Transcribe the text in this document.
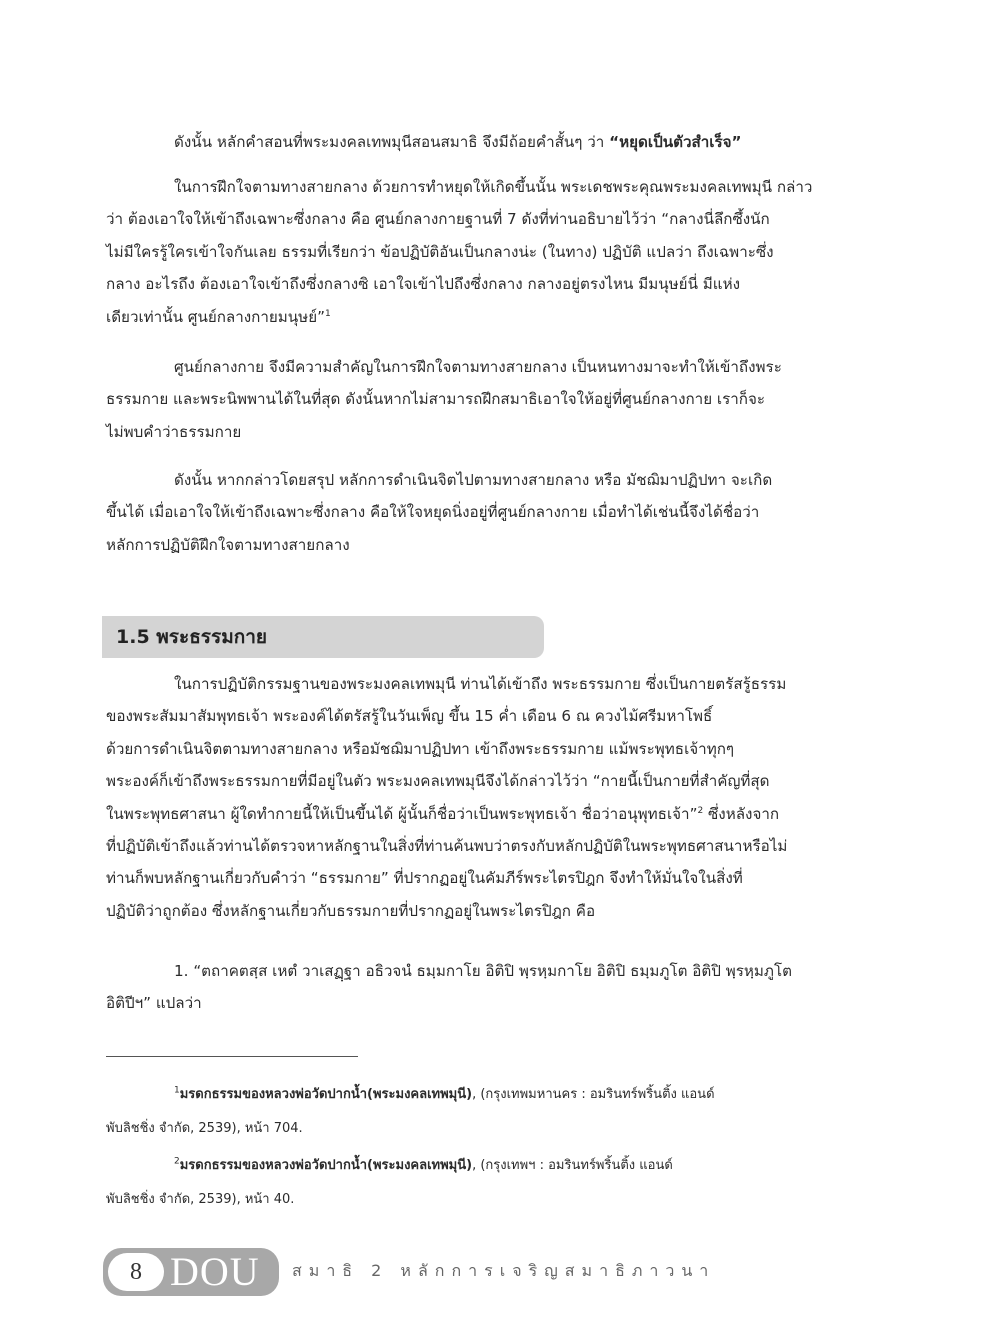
ดังนั้น หลักคำสอนที่พระมงคลเทพมุนีสอนสมาธิ จึงมีถ้อยคำสั้นๆ ว่า “หยุดเป็นตัวสำเร็จ”

ในการฝึกใจตามทางสายกลาง ด้วยการทำหยุดให้เกิดขึ้นนั้น พระเดชพระคุณพระมงคลเทพมุนี กล่าว
ว่า ต้องเอาใจให้เข้าถึงเฉพาะซึ่งกลาง คือ ศูนย์กลางกายฐานที่ 7 ดังที่ท่านอธิบายไว้ว่า “กลางนี่ลึกซึ้งนัก
ไม่มีใครรู้ใครเข้าใจกันเลย ธรรมที่เรียกว่า ข้อปฏิบัติอันเป็นกลางน่ะ (ในทาง) ปฏิบัติ แปลว่า ถึงเฉพาะซึ่ง
กลาง อะไรถึง ต้องเอาใจเข้าถึงซึ่งกลางซิ เอาใจเข้าไปถึงซึ่งกลาง กลางอยู่ตรงไหน มีมนุษย์นี่ มีแห่ง
เดียวเท่านั้น ศูนย์กลางกายมนุษย์”$^1$

ศูนย์กลางกาย จึงมีความสำคัญในการฝึกใจตามทางสายกลาง เป็นหนทางมาจะทำให้เข้าถึงพระ
ธรรมกาย และพระนิพพานได้ในที่สุด ดังนั้นหากไม่สามารถฝึกสมาธิเอาใจให้อยู่ที่ศูนย์กลางกาย เราก็จะ
ไม่พบคำว่าธรรมกาย

ดังนั้น หากกล่าวโดยสรุป หลักการดำเนินจิตไปตามทางสายกลาง หรือ มัชฌิมาปฏิปทา จะเกิด
ขึ้นได้ เมื่อเอาใจให้เข้าถึงเฉพาะซึ่งกลาง คือให้ใจหยุดนิ่งอยู่ที่ศูนย์กลางกาย เมื่อทำได้เช่นนี้จึงได้ชื่อว่า
หลักการปฏิบัติฝึกใจตามทางสายกลาง

1.5 พระธรรมกาย

ในการปฏิบัติกรรมฐานของพระมงคลเทพมุนี ท่านได้เข้าถึง พระธรรมกาย ซึ่งเป็นกายตรัสรู้ธรรม
ของพระสัมมาสัมพุทธเจ้า พระองค์ได้ตรัสรู้ในวันเพ็ญ ขึ้น 15 ค่ำ เดือน 6 ณ ควงไม้ศรีมหาโพธิ์
ด้วยการดำเนินจิตตามทางสายกลาง หรือมัชฌิมาปฏิปทา เข้าถึงพระธรรมกาย แม้พระพุทธเจ้าทุกๆ
พระองค์ก็เข้าถึงพระธรรมกายที่มีอยู่ในตัว พระมงคลเทพมุนีจึงได้กล่าวไว้ว่า “กายนี้เป็นกายที่สำคัญที่สุด
ในพระพุทธศาสนา ผู้ใดทำกายนี้ให้เป็นขึ้นได้ ผู้นั้นก็ชื่อว่าเป็นพระพุทธเจ้า ชื่อว่าอนุพุทธเจ้า”$^2$ ซึ่งหลังจาก
ที่ปฏิบัติเข้าถึงแล้วท่านได้ตรวจหาหลักฐานในสิ่งที่ท่านค้นพบว่าตรงกับหลักปฏิบัติในพระพุทธศาสนาหรือไม่
ท่านก็พบหลักฐานเกี่ยวกับคำว่า “ธรรมกาย” ที่ปรากฏอยู่ในคัมภีร์พระไตรปิฎก จึงทำให้มั่นใจในสิ่งที่
ปฏิบัติว่าถูกต้อง ซึ่งหลักฐานเกี่ยวกับธรรมกายที่ปรากฏอยู่ในพระไตรปิฎก คือ

1. “ตถาคตสฺส เหตํ วาเสฏฺฐา อธิวจนํ ธมฺมกาโย อิติปิ พฺรหฺมกาโย อิติปิ ธมฺมภูโต อิติปิ พฺรหฺมภูโต
อิติปีฯ” แปลว่า

$^1$มรดกธรรมของหลวงพ่อวัดปากน้ำ(พระมงคลเทพมุนี), (กรุงเทพมหานคร : อมรินทร์พริ้นติ้ง แอนด์
พับลิชชิ่ง จำกัด, 2539), หน้า 704.

$^2$มรดกธรรมของหลวงพ่อวัดปากน้ำ(พระมงคลเทพมุนี), (กรุงเทพฯ : อมรินทร์พริ้นติ้ง แอนด์
พับลิชชิ่ง จำกัด, 2539), หน้า 40.

8 DOU สมาธิ 2 หลักการเจริญสมาธิภาวนา
